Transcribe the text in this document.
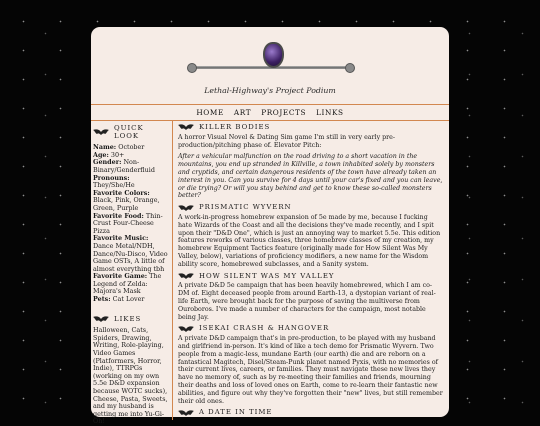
Lethal-Highway's Project Podium
HOME ART PROJECTS LINKS
QUICK LOOK
Name: October
Age: 30+
Gender: Non-Binary/Genderfluid
Pronouns: They/She/He
Favorite Colors: Black, Pink, Orange, Green, Purple
Favorite Food: Thin-Crust Four-Cheese Pizza
Favorite Music: Dance Metal/NDH, Dance/Nu-Disco, Video Game OSTs, A little of almost everything tbh
Favorite Game: The Legend of Zelda: Majora's Mask
Pets: Cat Lover
LIKES
Halloween, Cats, Spiders, Drawing, Writing, Role-playing, Video Games (Platformers, Horror, Indie), TTRPGs (working on my own 5.5e D&D expansion because WOTC sucks), Cheese, Pasta, Sweets, and my husband is getting me into Yu-Gi-Oh!
KILLER BODIES

A horror Visual Novel & Dating Sim game I'm still in very early pre-production/pitching phase of. Elevator Pitch:

After a vehicular malfunction on the road driving to a short vacation in the mountains, you end up stranded in Killville, a town inhabited solely by monsters and cryptids, and certain dangerous residents of the town have already taken an interest in you. Can you survive for 4 days until your car's fixed and you can leave, or die trying? Or will you stay behind and get to know these so-called monsters better?

PRISMATIC WYVERN

A work-in-progress homebrew expansion of 5e made by me, because I fucking hate Wizards of the Coast and all the decisions they've made recently, and I spit upon their "D&D One", which is just an annoying way to market 5.5e. This edition features reworks of various classes, three homebrew classes of my creation, my homebrew Equipment Tactics feature (originally made for How Silent Was My Valley, below), variations of proficiency modifiers, a new name for the Wisdom ability score, homebrewed subclasses, and a Sanity system.

HOW SILENT WAS MY VALLEY

A private D&D 5e campaign that has been heavily homebrewed, which I am co-DM of. Eight deceased people from around Earth-13, a dystopian variant of real-life Earth, were brought back for the purpose of saving the multiverse from Ouroboros. I've made a number of characters for the campaign, most notable being Jay.

ISEKAI CRASH & HANGOVER

A private D&D campaign that's in pre-production, to be played with my husband and girlfriend in-person. It's kind of like a tech demo for Prismatic Wyvern. Two people from a magic-less, mundane Earth (our earth) die and are reborn on a fantastical Magitech, Disel/Steam-Punk planet named Pyxis, with no memories of their current lives, careers, or families. They must navigate these new lives they have no memory of, such as by re-meeting their families and friends, mourning their deaths and loss of loved ones on Earth, come to re-learn their fantastic new abilities, and figure out why they've forgotten their "new" lives, but still remember their old ones.

A DATE IN TIME
